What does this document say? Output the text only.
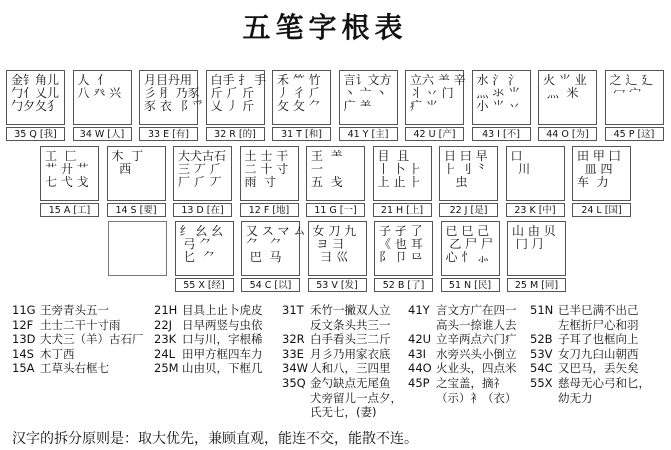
五笔字根表
金钅角儿
勹亻乂儿
勹夕夂犭
35 Q [我]
人  亻
八 癶 兴
34 W [人]
月目丹用
彡 ⺼ 乃豕
豕 衣 ⻏ 爫
33 E [有]
白手 ⺘ 手
斤 ⺁ 斤
乂 丿 斤
32 R [的]
禾 ⺮ 竹
丿 彳 ⺁
攵 攵 ⺈
31 T [和]
言讠文方
丶 ⼇ 丶
广 ⺷
41 Y [主]
立六 ⺷ 辛
丬 丷 门
疒 ⺌
42 U [产]
水 ⺡ 氵
⺣ 氺 ⺌
小 ⺌ 丷
43 I [不]
火 ⺌ 业
灬  米

44 O [为]
之 辶 廴
冖 宀
45 P [这]
工  匚
艹 廾 ⺾
七 弋 戈
15 A [工]
木  丁
西
14 S [要]
大犬古石
三 丆 ⺁
厂 ⺁ 丆
13 D [在]
土 士 干
二 十 寸
雨  寸
12 F [地]
王  ⺷
一
五  戋
11 G [一]
目  且
丨 卜 ⺊
上 止 ⺊
21 H [上]
日 曰 早
⺊ 刂 ⺀
虫
22 J [是]
口
川

23 K [中]
田 甲 囗
皿 四
车  力
24 L [国]
纟 幺 ⺓
弓 ⺈
匕  ⺈
55 X [经]
又 ス マ ム
⺈   ⺈
巴  马
54 C [以]
女 刀 九
ヨ ⺕
⺕ 巛
53 V [发]
子 孑 了
《 也 耳
阝 卩 ⺋
52 B [了]
已 巳 己
乙 尸 尸
心 忄 ⺗
51 N [民]
山 由 贝
冂 ⺆

25 M [同]
11G 王旁青头五一
12F 土士二干十寸雨
13D 大犬三（羊）古石厂
14S 木丁西
15A 工草头右框七
21H 目具上止卜虎皮
22J 日早两竖与虫依
23K 口与川，字根稀
24L 田甲方框四车力
25M 山由贝，下框几
31T 禾竹一撇双人立
反文条头共三一
32R 白手看头三二斤
33E 月彡乃用家衣底
34W 人和八，三四里
35Q 金勺缺点无尾鱼
犬旁留儿一点夕，
氏无七，(妻)
41Y 言文方广在四一
高头一捺谁人去
42U 立辛两点六门疒
43I 水旁兴头小倒立
44O 火业头，四点米
45P 之宝盖，摘礻
（示）衤（衣）
51N 已半巳满不出己
左框折尸心和羽
52B 子耳了也框向上
53V 女刀九臼山朝西
54C 又巴马，丢矢矣
55X 慈母无心弓和匕，
幼无力
汉字的拆分原则是：取大优先，兼顾直观，能连不交，能散不连。
